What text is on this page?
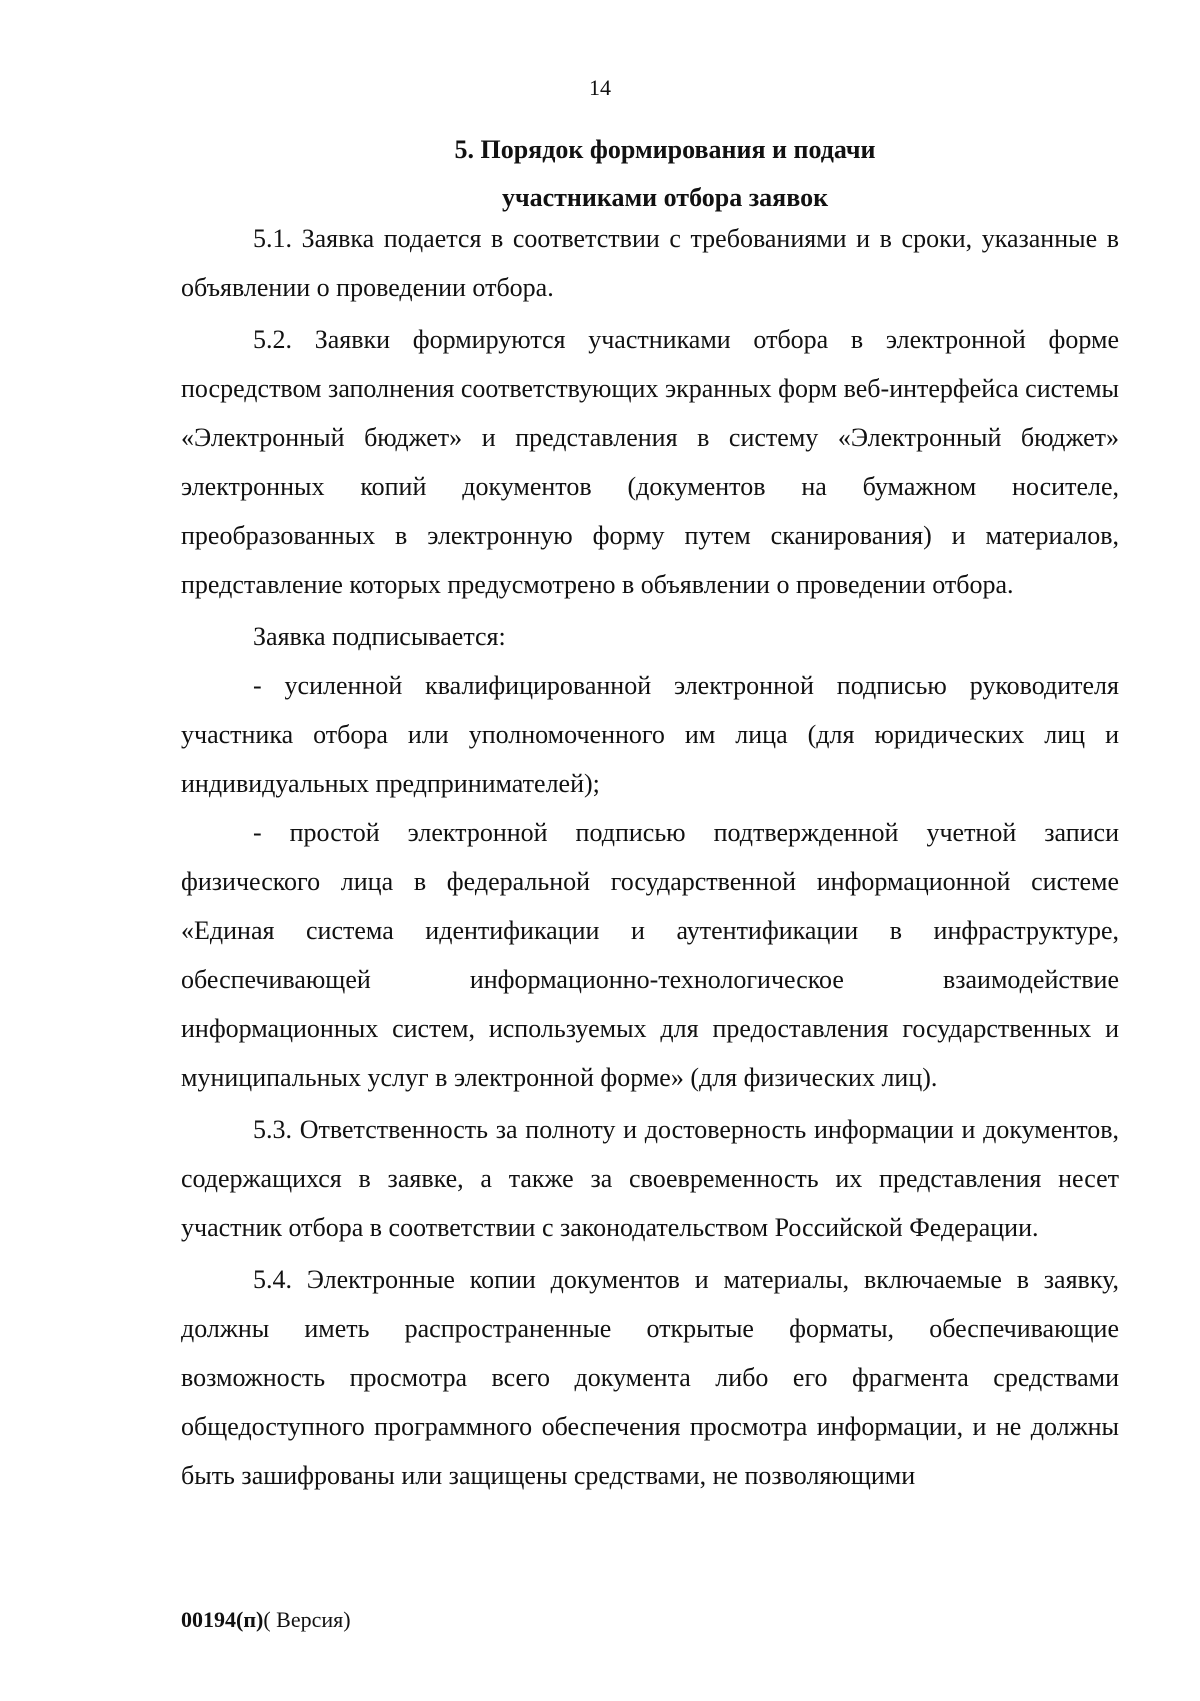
14
5. Порядок формирования и подачи
участниками отбора заявок

5.1. Заявка подается в соответствии с требованиями и в сроки, указанные в объявлении о проведении отбора.

5.2. Заявки формируются участниками отбора в электронной форме посредством заполнения соответствующих экранных форм веб-интерфейса системы «Электронный бюджет» и представления в систему «Электронный бюджет» электронных копий документов (документов на бумажном носителе, преобразованных в электронную форму путем сканирования) и материалов, представление которых предусмотрено в объявлении о проведении отбора.

Заявка подписывается:

- усиленной квалифицированной электронной подписью руководителя участника отбора или уполномоченного им лица (для юридических лиц и индивидуальных предпринимателей);

- простой электронной подписью подтвержденной учетной записи физического лица в федеральной государственной информационной системе «Единая система идентификации и аутентификации в инфраструктуре, обеспечивающей информационно-технологическое взаимодействие информационных систем, используемых для предоставления государственных и муниципальных услуг в электронной форме» (для физических лиц).

5.3. Ответственность за полноту и достоверность информации и документов, содержащихся в заявке, а также за своевременность их представления несет участник отбора в соответствии с законодательством Российской Федерации.

5.4. Электронные копии документов и материалы, включаемые в заявку, должны иметь распространенные открытые форматы, обеспечивающие возможность просмотра всего документа либо его фрагмента средствами общедоступного программного обеспечения просмотра информации, и не должны быть зашифрованы или защищены средствами, не позволяющими

00194(п)( Версия)
